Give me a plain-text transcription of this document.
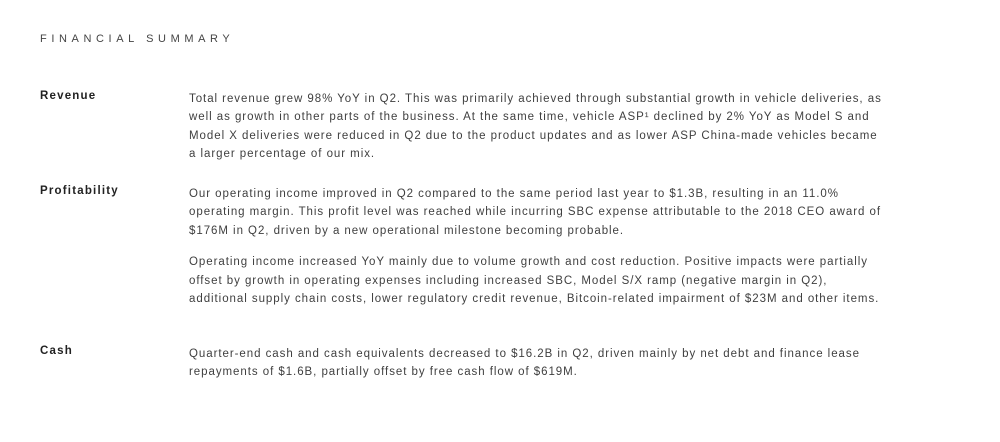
FINANCIAL SUMMARY
Revenue	Total revenue grew 98% YoY in Q2. This was primarily achieved through substantial growth in vehicle deliveries, as well as growth in other parts of the business. At the same time, vehicle ASP¹ declined by 2% YoY as Model S and Model X deliveries were reduced in Q2 due to the product updates and as lower ASP China-made vehicles became a larger percentage of our mix.

Profitability	Our operating income improved in Q2 compared to the same period last year to $1.3B, resulting in an 11.0% operating margin. This profit level was reached while incurring SBC expense attributable to the 2018 CEO award of $176M in Q2, driven by a new operational milestone becoming probable.

Operating income increased YoY mainly due to volume growth and cost reduction. Positive impacts were partially offset by growth in operating expenses including increased SBC, Model S/X ramp (negative margin in Q2), additional supply chain costs, lower regulatory credit revenue, Bitcoin-related impairment of $23M and other items.

Cash	Quarter-end cash and cash equivalents decreased to $16.2B in Q2, driven mainly by net debt and finance lease repayments of $1.6B, partially offset by free cash flow of $619M.
